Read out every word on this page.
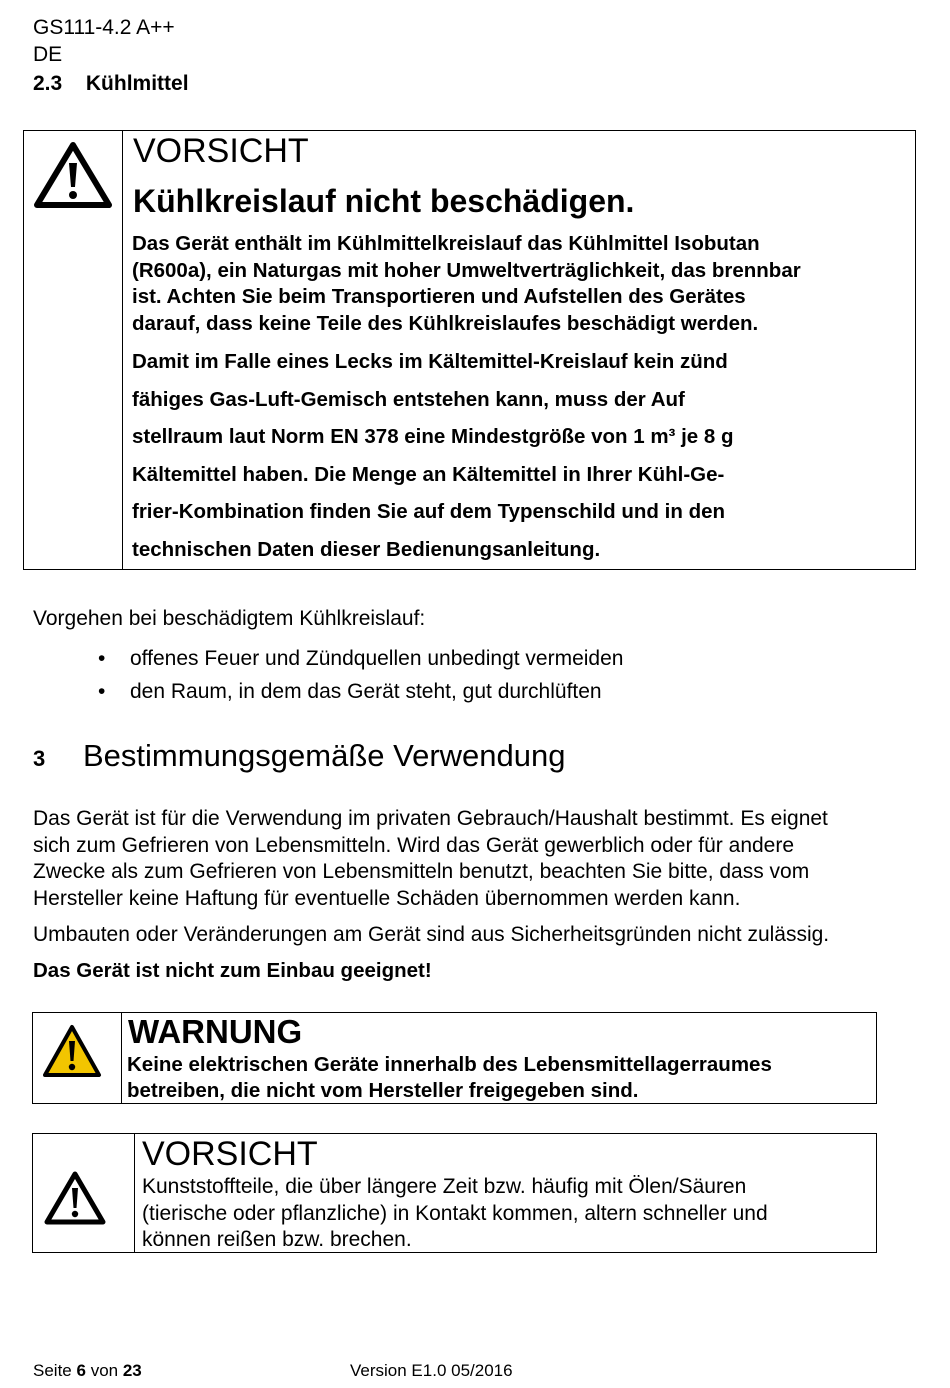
GS111-4.2 A++
DE
2.3 Kühlmittel
VORSICHT
Kühlkreislauf nicht beschädigen.
Das Gerät enthält im Kühlmittelkreislauf das Kühlmittel Isobutan
(R600a), ein Naturgas mit hoher Umweltverträglichkeit, das brennbar
ist. Achten Sie beim Transportieren und Aufstellen des Gerätes
darauf, dass keine Teile des Kühlkreislaufes beschädigt werden.
Damit im Falle eines Lecks im Kältemittel-Kreislauf kein zünd
fähiges Gas-Luft-Gemisch entstehen kann, muss der Auf
stellraum laut Norm EN 378 eine Mindestgröße von 1 m³ je 8 g
Kältemittel haben. Die Menge an Kältemittel in Ihrer Kühl-Ge-
frier-Kombination finden Sie auf dem Typenschild und in den
technischen Daten dieser Bedienungsanleitung.
Vorgehen bei beschädigtem Kühlkreislauf:
• offenes Feuer und Zündquellen unbedingt vermeiden
• den Raum, in dem das Gerät steht, gut durchlüften
3 Bestimmungsgemäße Verwendung
Das Gerät ist für die Verwendung im privaten Gebrauch/Haushalt bestimmt. Es eignet
sich zum Gefrieren von Lebensmitteln. Wird das Gerät gewerblich oder für andere
Zwecke als zum Gefrieren von Lebensmitteln benutzt, beachten Sie bitte, dass vom
Hersteller keine Haftung für eventuelle Schäden übernommen werden kann.
Umbauten oder Veränderungen am Gerät sind aus Sicherheitsgründen nicht zulässig.
Das Gerät ist nicht zum Einbau geeignet!
WARNUNG
Keine elektrischen Geräte innerhalb des Lebensmittellagerraumes
betreiben, die nicht vom Hersteller freigegeben sind.
VORSICHT
Kunststoffteile, die über längere Zeit bzw. häufig mit Ölen/Säuren
(tierische oder pflanzliche) in Kontakt kommen, altern schneller und
können reißen bzw. brechen.
Seite 6 von 23	Version E1.0 05/2016
